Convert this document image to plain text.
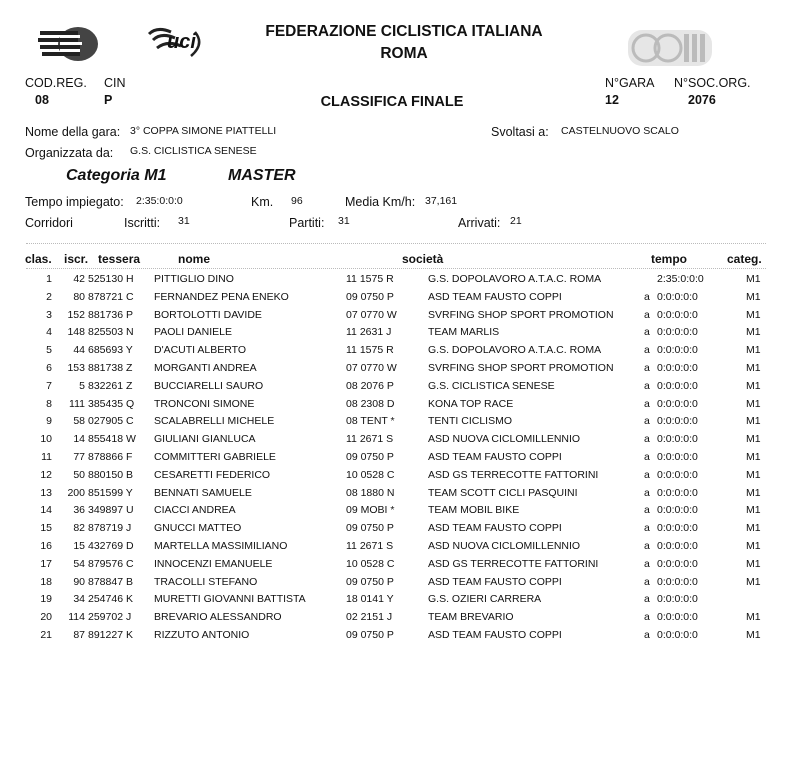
uci	FEDERAZIONE CICLISTICA ITALIANA
ROMA
COD.REG.
08
CIN
P	CLASSIFICA FINALE
N°GARA
12
N°SOC.ORG.
2076
Nome della gara: 3° COPPA SIMONE PIATTELLI	Svoltasi a: CASTELNUOVO SCALO
Organizzata da: G.S. CICLISTICA SENESE
Categoria M1	MASTER
Tempo impiegato: 2:35:0:0:0	Km. 96	Media Km/h: 37,161
Corridori	Iscritti: 31	Partiti: 31	Arrivati: 21
clas. iscr. tessera	nome	società	tempo	categ.
1	42 525130 H PITTIGLIO DINO	11 1575 R	G.S. DOPOLAVORO A.T.A.C. ROMA	2:35:0:0:0	M1
2	80 878721 C FERNANDEZ PENA ENEKO	09 0750 P	ASD TEAM FAUSTO COPPI	a 0:0:0:0:0	M1
3	152 881736 P BORTOLOTTI DAVIDE	07 0770 W	SVRFING SHOP SPORT PROMOTION	a 0:0:0:0:0	M1
4	148 825503 N PAOLI DANIELE	11 2631 J	TEAM MARLIS	a 0:0:0:0:0	M1
5	44 685693 Y D'ACUTI ALBERTO	11 1575 R	G.S. DOPOLAVORO A.T.A.C. ROMA	a 0:0:0:0:0	M1
6	153 881738 Z MORGANTI ANDREA	07 0770 W	SVRFING SHOP SPORT PROMOTION	a 0:0:0:0:0	M1
7	5 832261 Z BUCCIARELLI SAURO	08 2076 P	G.S. CICLISTICA SENESE	a 0:0:0:0:0	M1
8	111 385435 Q TRONCONI SIMONE	08 2308 D	KONA TOP RACE	a 0:0:0:0:0	M1
9	58 027905 C SCALABRELLI MICHELE	08 TENT *	TENTI CICLISMO	a 0:0:0:0:0	M1
10	14 855418 W GIULIANI GIANLUCA	11 2671 S	ASD NUOVA CICLOMILLENNIO	a 0:0:0:0:0	M1
11	77 878866 F COMMITTERI GABRIELE	09 0750 P	ASD TEAM FAUSTO COPPI	a 0:0:0:0:0	M1
12	50 880150 B CESARETTI FEDERICO	10 0528 C	ASD GS TERRECOTTE FATTORINI	a 0:0:0:0:0	M1
13	200 851599 Y BENNATI SAMUELE	08 1880 N	TEAM SCOTT CICLI PASQUINI	a 0:0:0:0:0	M1
14	36 349897 U CIACCI ANDREA	09 MOBI *	TEAM MOBIL BIKE	a 0:0:0:0:0	M1
15	82 878719 J GNUCCI MATTEO	09 0750 P	ASD TEAM FAUSTO COPPI	a 0:0:0:0:0	M1
16	15 432769 D MARTELLA MASSIMILIANO	11 2671 S	ASD NUOVA CICLOMILLENNIO	a 0:0:0:0:0	M1
17	54 879576 C INNOCENZI EMANUELE	10 0528 C	ASD GS TERRECOTTE FATTORINI	a 0:0:0:0:0	M1
18	90 878847 B TRACOLLI STEFANO	09 0750 P	ASD TEAM FAUSTO COPPI	a 0:0:0:0:0	M1
19	34 254746 K MURETTI GIOVANNI BATTISTA	18 0141 Y	G.S. OZIERI CARRERA	a 0:0:0:0:0
20	114 259702 J BREVARIO ALESSANDRO	02 2151 J	TEAM BREVARIO	a 0:0:0:0:0	M1
21	87 891227 K RIZZUTO ANTONIO	09 0750 P	ASD TEAM FAUSTO COPPI	a 0:0:0:0:0	M1
